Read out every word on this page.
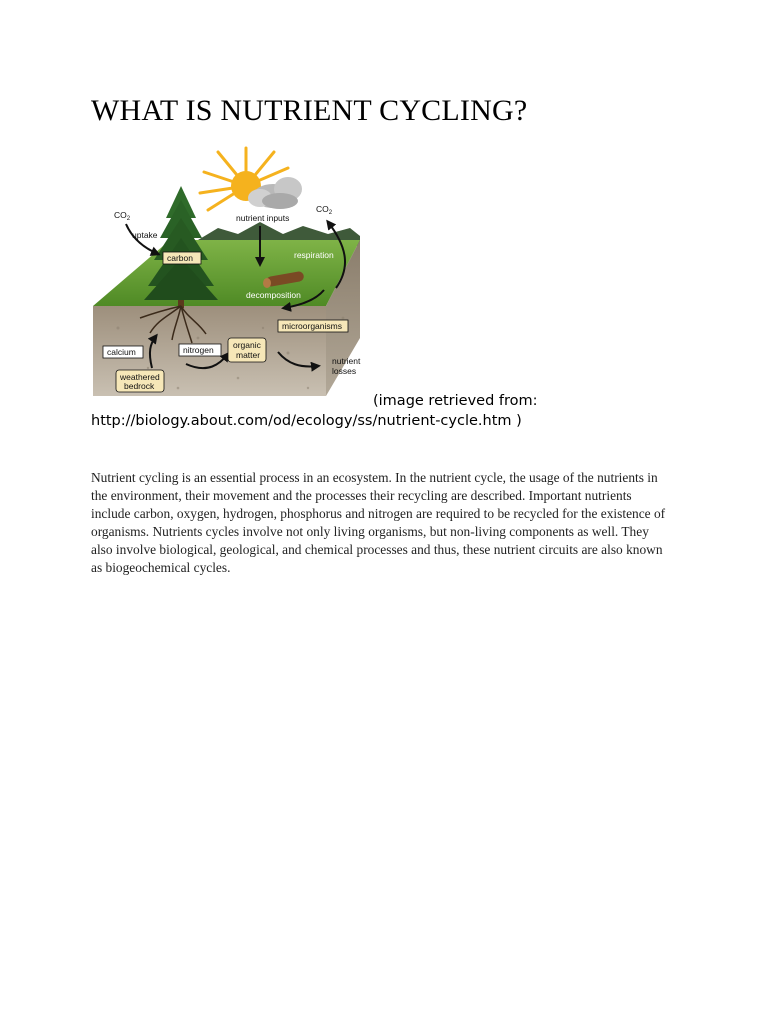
WHAT IS NUTRIENT CYCLING?
$CO_2$
$CO_2$
uptake
carbon
nutrient inputs
respiration
decomposition
microorganisms
calcium	nitrogen organic
matter
weathered
bedrock
nutrient
losses
(image retrieved from:
http://biology.about.com/od/ecology/ss/nutrient-cycle.htm )

Nutrient cycling is an essential process in an ecosystem. In the nutrient cycle, the usage of the nutrients in the environment, their movement and the processes their recycling are described. Important nutrients include carbon, oxygen, hydrogen, phosphorus and nitrogen are required to be recycled for the existence of organisms. Nutrients cycles involve not only living organisms, but non-living components as well. They also involve biological, geological, and chemical processes and thus, these nutrient circuits are also known as biogeochemical cycles.
